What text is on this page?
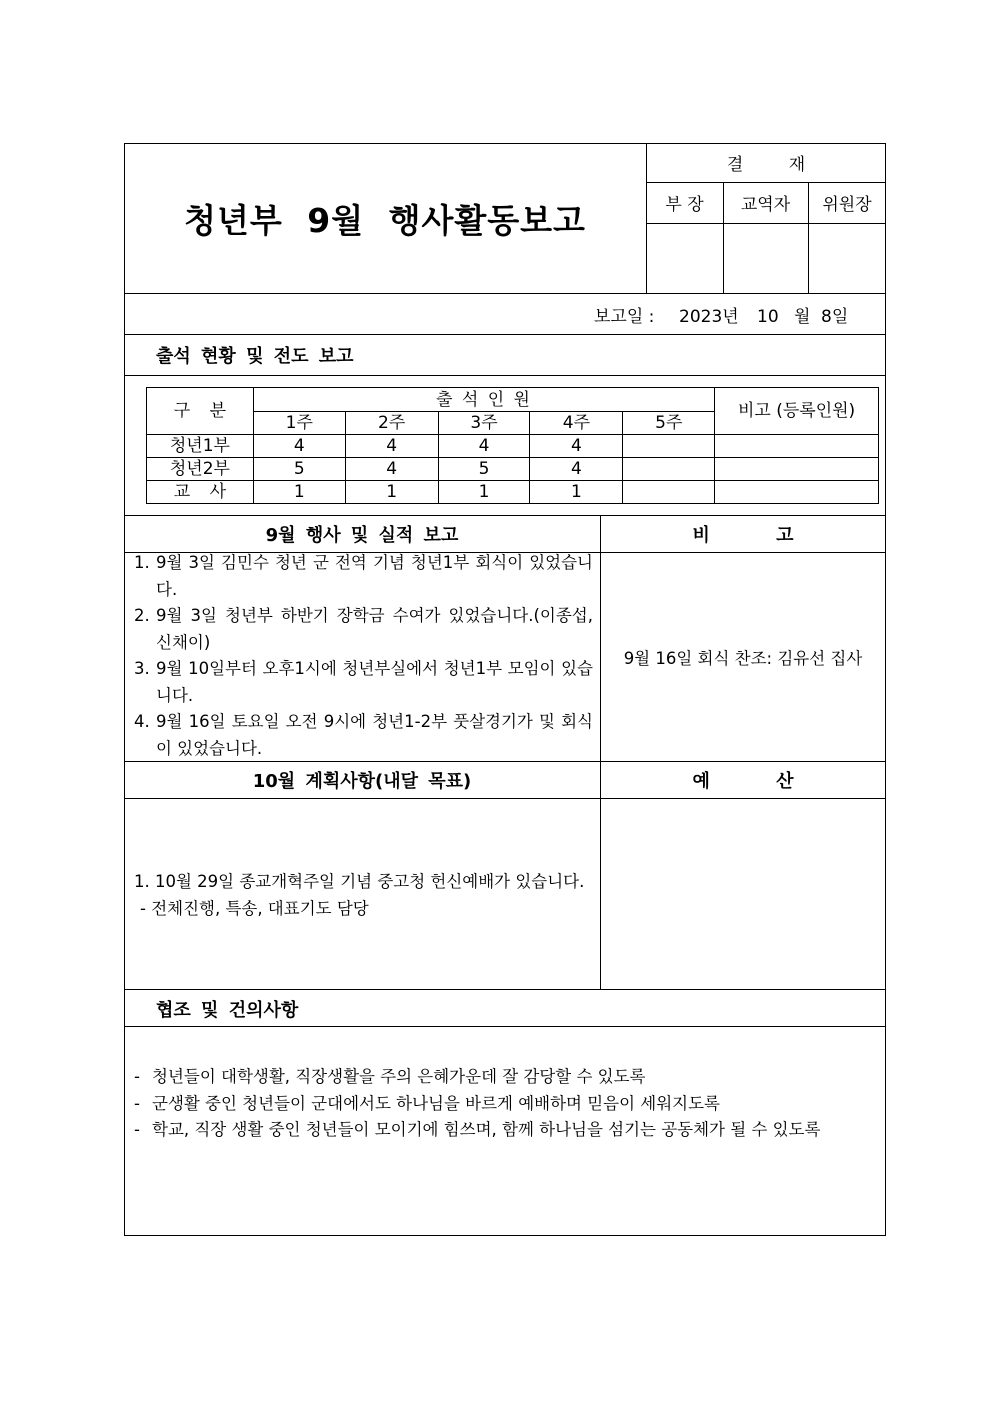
청년부 9월 행사활동보고
결 재
부 장	교역자	위원장
보고일 : 2023년 10 월 8일
출석 현황 및 전도 보고
구 분	출 석 인 원					비고 (등록인원)
	1주	2주	3주	4주	5주	
청년1부	4	4	4	4		
청년2부	5	4	5	4		
교 사	1	1	1	1		
9월 행사 및 실적 보고	비 고
1. 9월 3일 김민수 청년 군 전역 기념 청년1부 회식이 있었습니다.
2. 9월 3일 청년부 하반기 장학금 수여가 있었습니다.(이종섭, 신채이)
3. 9월 10일부터 오후1시에 청년부실에서 청년1부 모임이 있습니다.
4. 9월 16일 토요일 오전 9시에 청년1-2부 풋살경기가 및 회식이 있었습니다.
9월 16일 회식 찬조: 김유선 집사
10월 계획사항(내달 목표)	예 산
1. 10월 29일 종교개혁주일 기념 중고청 헌신예배가 있습니다.
- 전체진행, 특송, 대표기도 담당
협조 및 건의사항
- 청년들이 대학생활, 직장생활을 주의 은혜가운데 잘 감당할 수 있도록
- 군생활 중인 청년들이 군대에서도 하나님을 바르게 예배하며 믿음이 세워지도록
- 학교, 직장 생활 중인 청년들이 모이기에 힘쓰며, 함께 하나님을 섬기는 공동체가 될 수 있도록
